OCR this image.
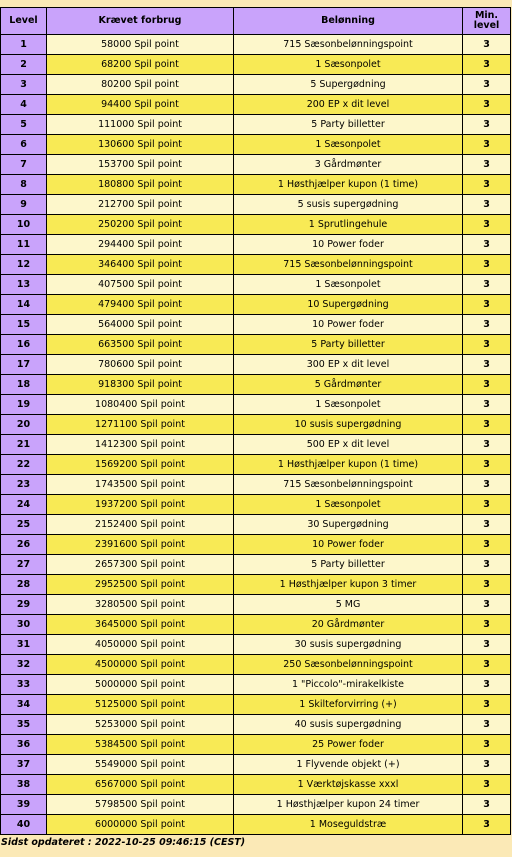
Level	Krævet forbrug	Belønning	Min.
level
1	58000 Spil point	715 Sæsonbelønningspoint	3
2	68200 Spil point	1 Sæsonpolet	3
3	80200 Spil point	5 Supergødning	3
4	94400 Spil point	200 EP x dit level	3
5	111000 Spil point	5 Party billetter	3
6	130600 Spil point	1 Sæsonpolet	3
7	153700 Spil point	3 Gårdmønter	3
8	180800 Spil point	1 Høsthjælper kupon (1 time)	3
9	212700 Spil point	5 susis supergødning	3
10	250200 Spil point	1 Sprutlingehule	3
11	294400 Spil point	10 Power foder	3
12	346400 Spil point	715 Sæsonbelønningspoint	3
13	407500 Spil point	1 Sæsonpolet	3
14	479400 Spil point	10 Supergødning	3
15	564000 Spil point	10 Power foder	3
16	663500 Spil point	5 Party billetter	3
17	780600 Spil point	300 EP x dit level	3
18	918300 Spil point	5 Gårdmønter	3
19	1080400 Spil point	1 Sæsonpolet	3
20	1271100 Spil point	10 susis supergødning	3
21	1412300 Spil point	500 EP x dit level	3
22	1569200 Spil point	1 Høsthjælper kupon (1 time)	3
23	1743500 Spil point	715 Sæsonbelønningspoint	3
24	1937200 Spil point	1 Sæsonpolet	3
25	2152400 Spil point	30 Supergødning	3
26	2391600 Spil point	10 Power foder	3
27	2657300 Spil point	5 Party billetter	3
28	2952500 Spil point	1 Høsthjælper kupon 3 timer	3
29	3280500 Spil point	5 MG	3
30	3645000 Spil point	20 Gårdmønter	3
31	4050000 Spil point	30 susis supergødning	3
32	4500000 Spil point	250 Sæsonbelønningspoint	3
33	5000000 Spil point	1 "Piccolo"-mirakelkiste	3
34	5125000 Spil point	1 Skilteforvirring (+)	3
35	5253000 Spil point	40 susis supergødning	3
36	5384500 Spil point	25 Power foder	3
37	5549000 Spil point	1 Flyvende objekt (+)	3
38	6567000 Spil point	1 Værktøjskasse xxxl	3
39	5798500 Spil point	1 Høsthjælper kupon 24 timer	3
40	6000000 Spil point	1 Moseguldstræ	3
Sidst opdateret : 2022-10-25 09:46:15 (CEST)
